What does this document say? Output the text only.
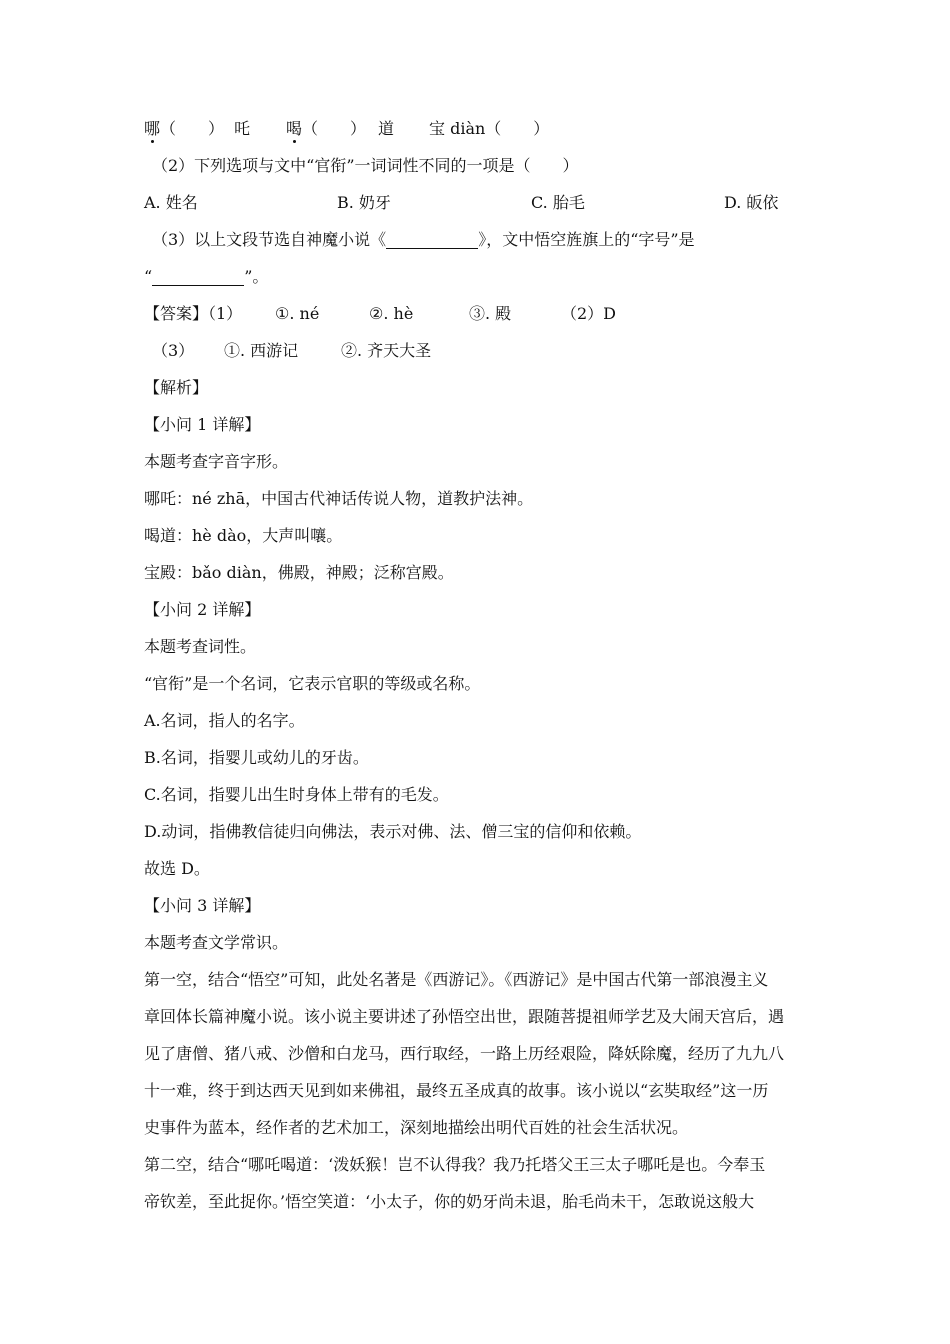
哪 （　　） 吒 喝 （　　） 道 宝 diàn（　　）
（2）下列选项与文中“官衔”一词词性不同的一项是（　　）
A. 姓名	B. 奶牙	C. 胎毛	D. 皈依
（3）以上文段节选自神魔小说《	》，文中悟空旌旗上的“字号”是
“	”。
【答案】（1） ①. né	②. hè	③. 殿	（2）D
（3） ①. 西游记	②. 齐天大圣
【解析】
【小问 1 详解】
本题考查字音字形。
哪吒：né zhā，中国古代神话传说人物，道教护法神。
喝道：hè dào，大声叫嚷。
宝殿：bǎo diàn，佛殿，神殿；泛称宫殿。
【小问 2 详解】
本题考查词性。
“官衔”是一个名词，它表示官职的等级或名称。
A.名词，指人的名字。
B.名词，指婴儿或幼儿的牙齿。
C.名词，指婴儿出生时身体上带有的毛发。
D.动词，指佛教信徒归向佛法，表示对佛、法、僧三宝的信仰和依赖。
故选 D。
【小问 3 详解】
本题考查文学常识。
第一空，结合“悟空”可知，此处名著是《西游记》。《西游记》是中国古代第一部浪漫主义
章回体长篇神魔小说。该小说主要讲述了孙悟空出世，跟随菩提祖师学艺及大闹天宫后，遇
见了唐僧、猪八戒、沙僧和白龙马，西行取经，一路上历经艰险，降妖除魔，经历了九九八
十一难，终于到达西天见到如来佛祖，最终五圣成真的故事。该小说以“玄奘取经”这一历
史事件为蓝本，经作者的艺术加工，深刻地描绘出明代百姓的社会生活状况。
第二空，结合“哪吒喝道：‘泼妖猴！岂不认得我？我乃托塔父王三太子哪吒是也。今奉玉
帝钦差，至此捉你。’悟空笑道：‘小太子，你的奶牙尚未退，胎毛尚未干，怎敢说这般大
